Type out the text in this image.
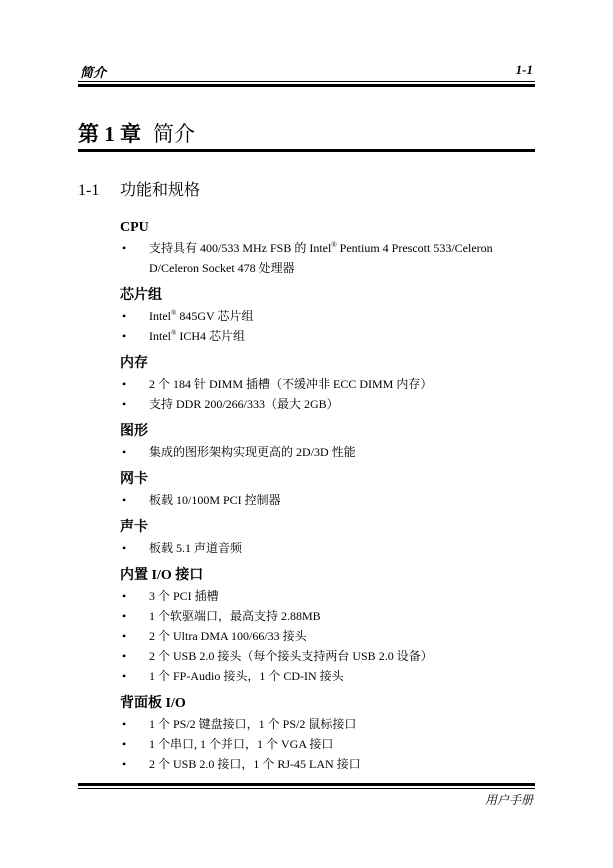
简介	1-1
第 1 章 简介
1-1 功能和规格
CPU
• 支持具有 400/533 MHz FSB 的 Intel® Pentium 4 Prescott 533/Celeron D/Celeron Socket 478 处理器
芯片组
• Intel® 845GV 芯片组
• Intel® ICH4 芯片组
内存
• 2 个 184 针 DIMM 插槽（不缓冲非 ECC DIMM 内存）
• 支持 DDR 200/266/333（最大 2GB）
图形
• 集成的图形架构实现更高的 2D/3D 性能
网卡
• 板载 10/100M PCI 控制器
声卡
• 板载 5.1 声道音频
内置 I/O 接口
• 3 个 PCI 插槽
• 1 个软驱端口，最高支持 2.88MB
• 2 个 Ultra DMA 100/66/33 接头
• 2 个 USB 2.0 接头（每个接头支持两台 USB 2.0 设备）
• 1 个 FP-Audio 接头，1 个 CD-IN 接头
背面板 I/O
• 1 个 PS/2 键盘接口，1 个 PS/2 鼠标接口
• 1 个串口, 1 个并口，1 个 VGA 接口
• 2 个 USB 2.0 接口，1 个 RJ-45 LAN 接口
用户手册
